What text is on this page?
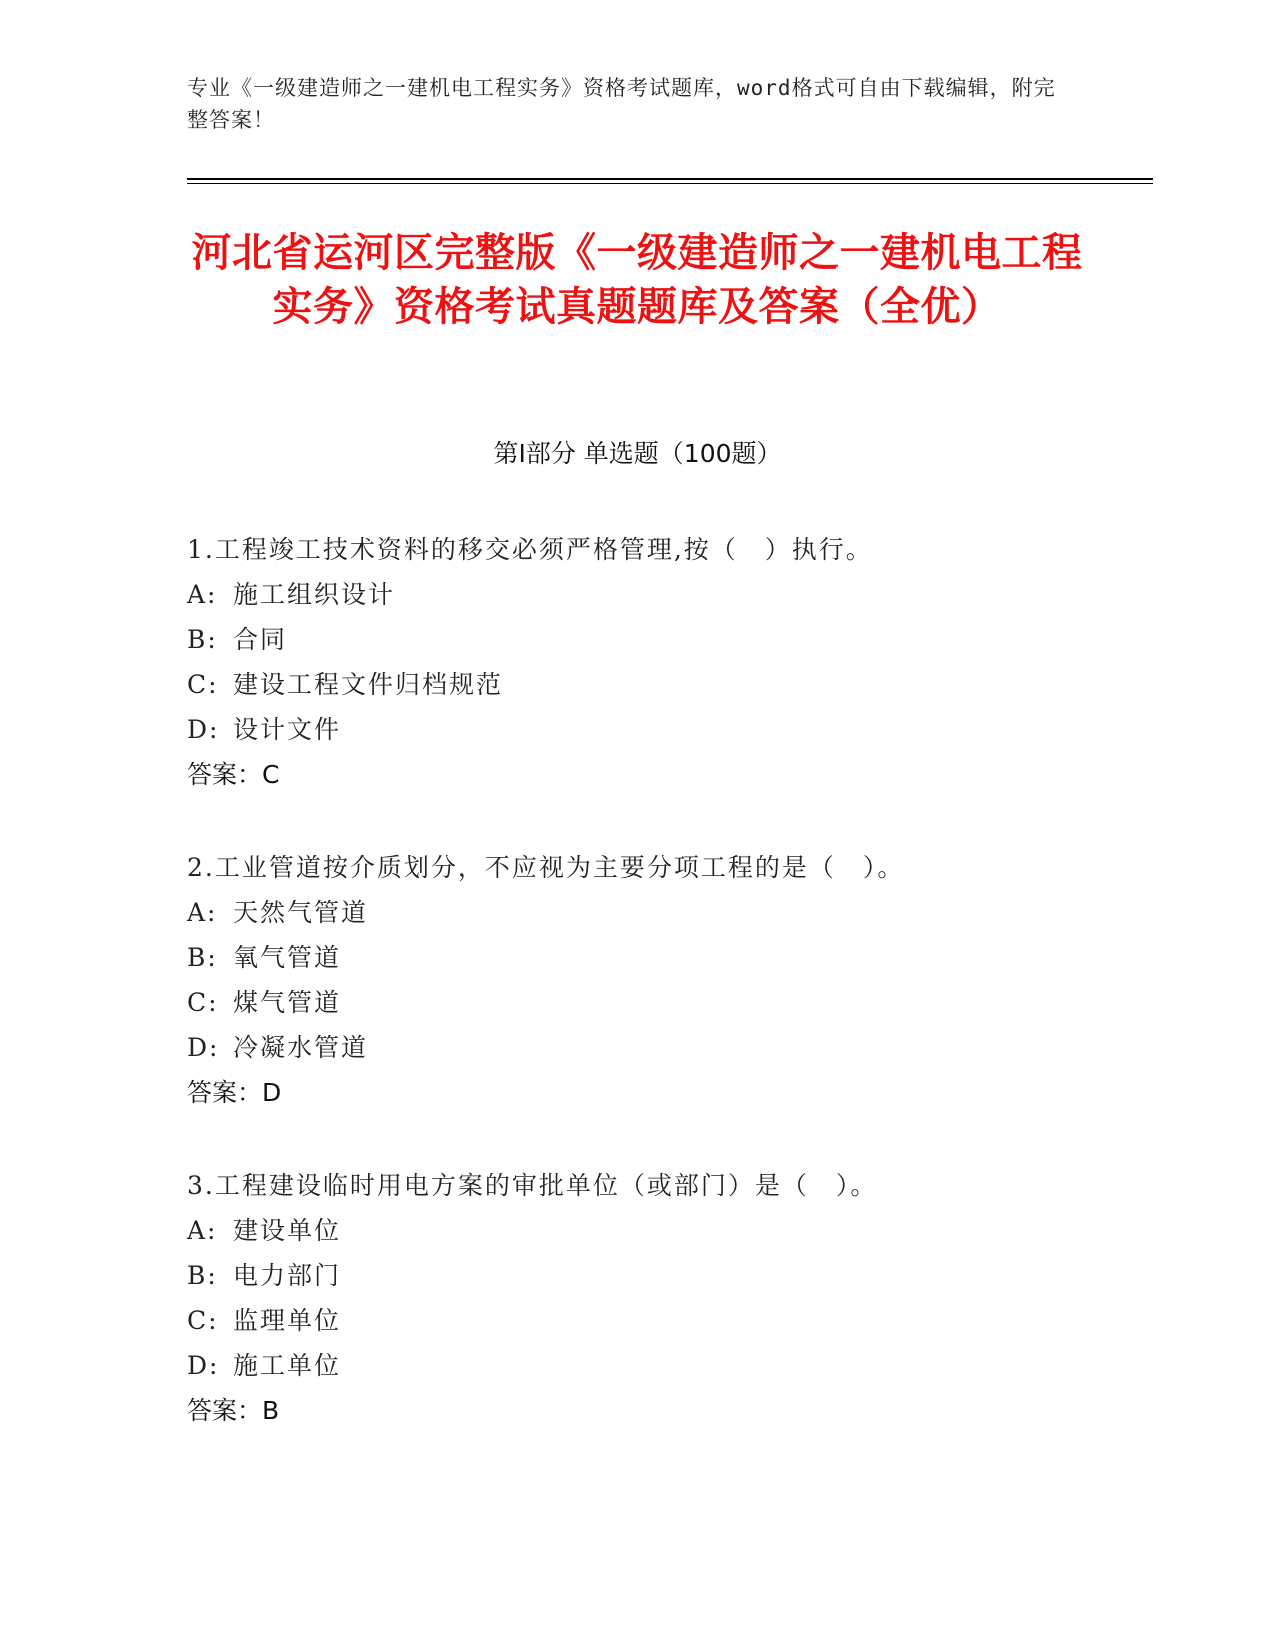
专业《一级建造师之一建机电工程实务》资格考试题库，word格式可自由下载编辑，附完整答案！
河北省运河区完整版《一级建造师之一建机电工程实务》资格考试真题题库及答案（全优）
第Ⅰ部分 单选题（100题）
1.工程竣工技术资料的移交必须严格管理,按（　）执行。
A: 施工组织设计
B: 合同
C: 建设工程文件归档规范
D: 设计文件
答案：C
2.工业管道按介质划分，不应视为主要分项工程的是（　）。
A: 天然气管道
B: 氧气管道
C: 煤气管道
D: 冷凝水管道
答案：D
3.工程建设临时用电方案的审批单位（或部门）是（　）。
A: 建设单位
B: 电力部门
C: 监理单位
D: 施工单位
答案：B
